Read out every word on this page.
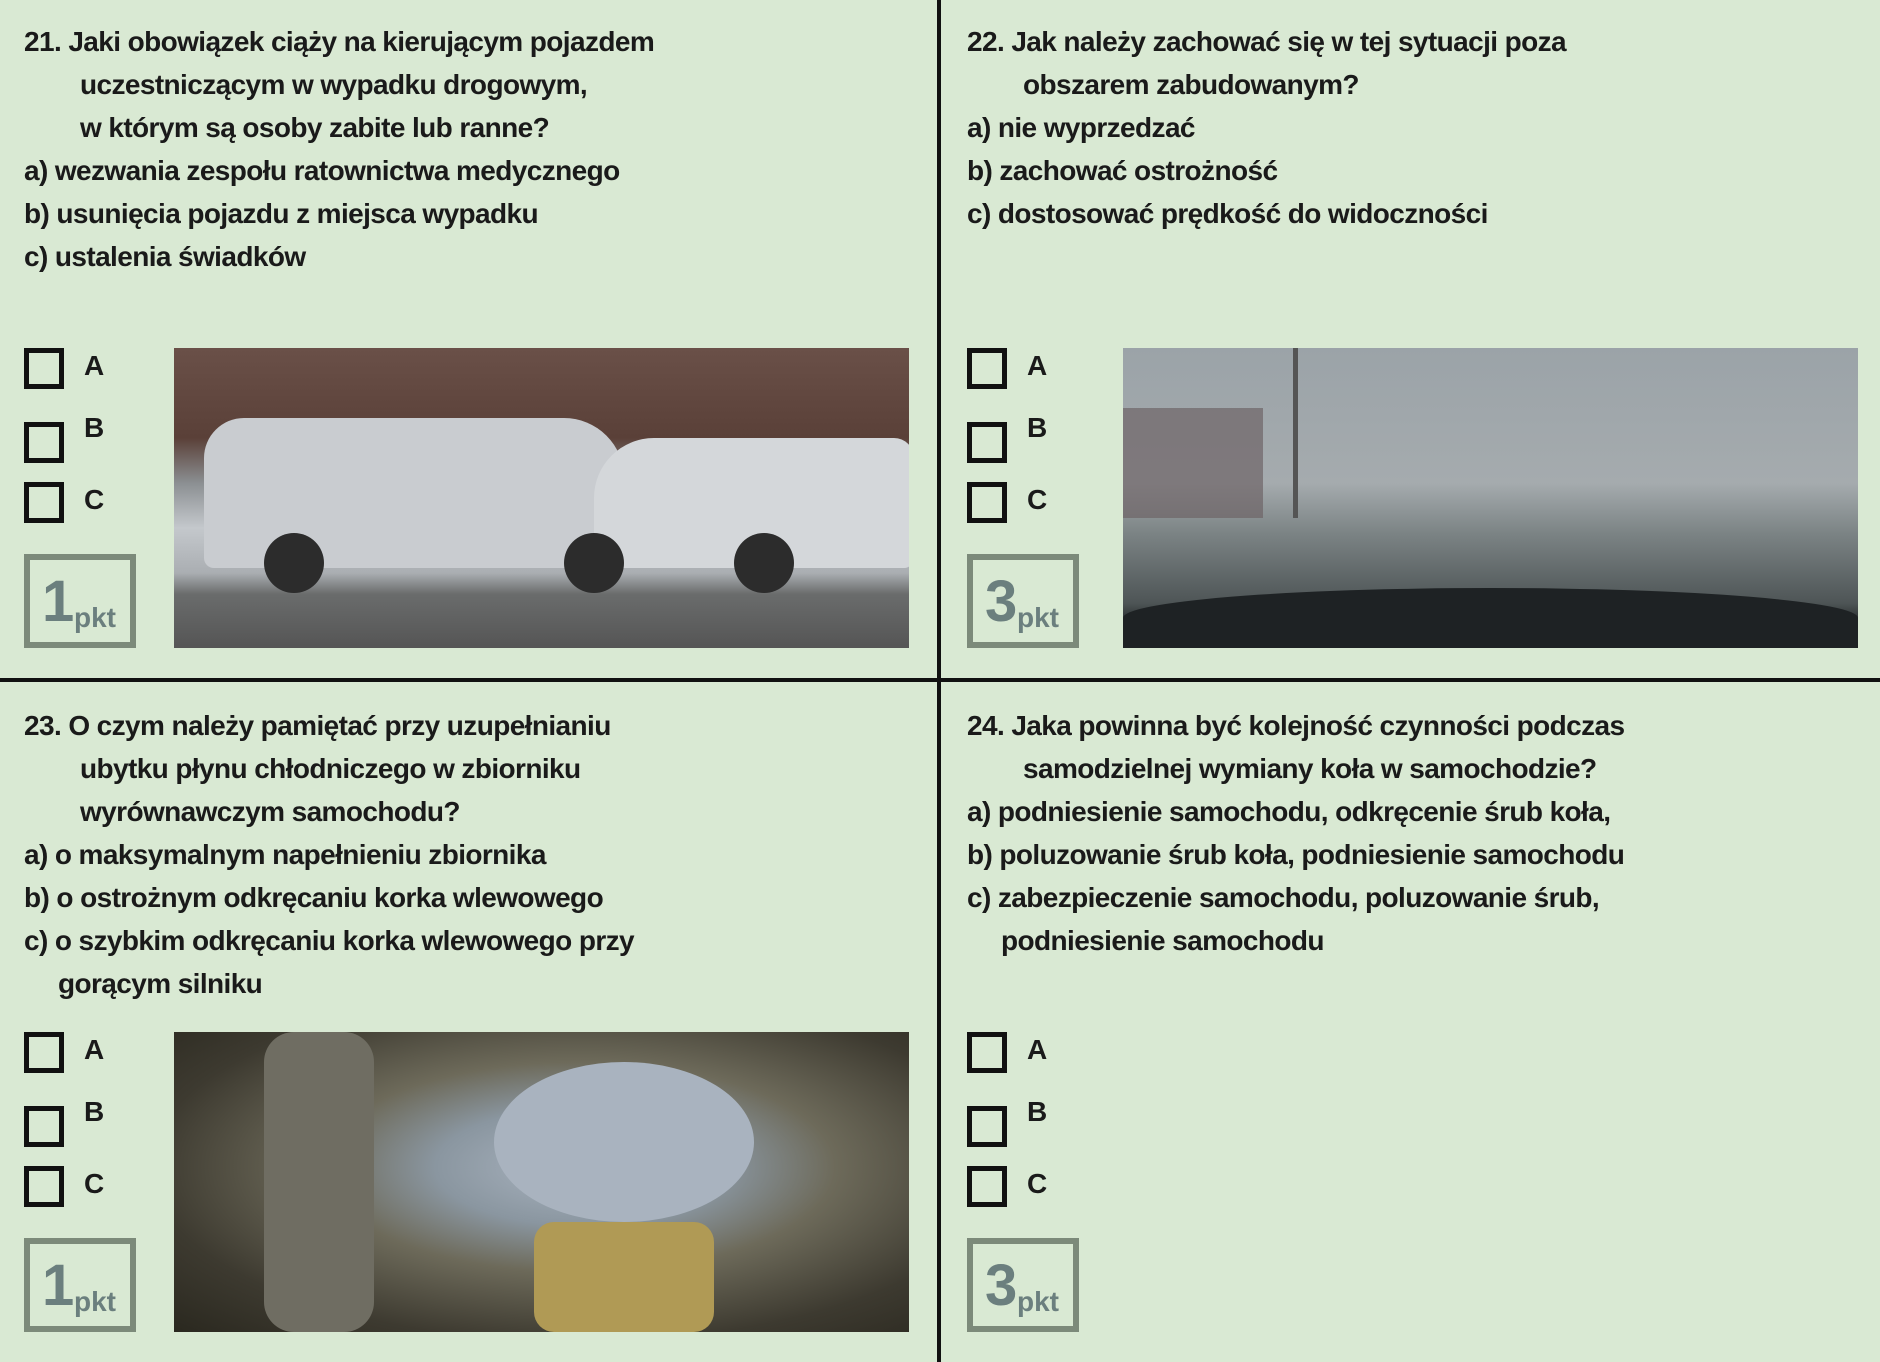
21. Jaki obowiązek ciąży na kierującym pojazdem
uczestniczącym w wypadku drogowym,
w którym są osoby zabite lub ranne?
a) wezwania zespołu ratownictwa medycznego
b) usunięcia pojazdu z miejsca wypadku
c) ustalenia świadków
A
B
C
1 pkt
22. Jak należy zachować się w tej sytuacji poza
obszarem zabudowanym?
a) nie wyprzedzać
b) zachować ostrożność
c) dostosować prędkość do widoczności
A
B
C
3 pkt
23. O czym należy pamiętać przy uzupełnianiu
ubytku płynu chłodniczego w zbiorniku
wyrównawczym samochodu?
a) o maksymalnym napełnieniu zbiornika
b) o ostrożnym odkręcaniu korka wlewowego
c) o szybkim odkręcaniu korka wlewowego przy
gorącym silniku
A
B
C
1 pkt
24. Jaka powinna być kolejność czynności podczas
samodzielnej wymiany koła w samochodzie?
a) podniesienie samochodu, odkręcenie śrub koła,
b) poluzowanie śrub koła, podniesienie samochodu
c) zabezpieczenie samochodu, poluzowanie śrub,
podniesienie samochodu
A
B
C
3 pkt
